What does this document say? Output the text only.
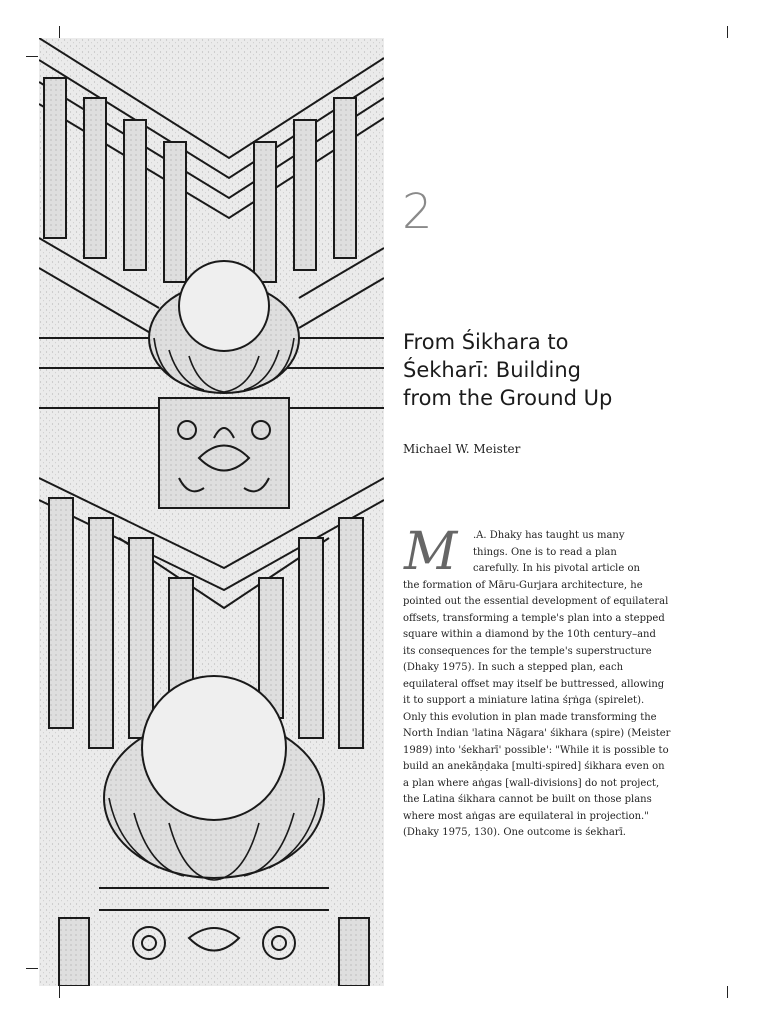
2
From Śikhara to
Śekharī: Building
from the Ground Up
Michael W. Meister
M	.A. Dhaky has taught us many
things. One is to read a plan
carefully. In his pivotal article on
the formation of Māru-Gurjara architecture, he
pointed out the essential development of equilateral
offsets, transforming a temple's plan into a stepped
square within a diamond by the 10th century–and
its consequences for the temple's superstructure
(Dhaky 1975). In such a stepped plan, each
equilateral offset may itself be buttressed, allowing
it to support a miniature latina śṛṅga (spirelet).
Only this evolution in plan made transforming the
North Indian 'latina Nāgara' śikhara (spire) (Meister
1989) into 'śekharī' possible': "While it is possible to
build an anekāṇḍaka [multi-spired] śikhara even on
a plan where aṅgas [wall-divisions] do not project,
the Latina śikhara cannot be built on those plans
where most aṅgas are equilateral in projection."
(Dhaky 1975, 130). One outcome is śekharī.
